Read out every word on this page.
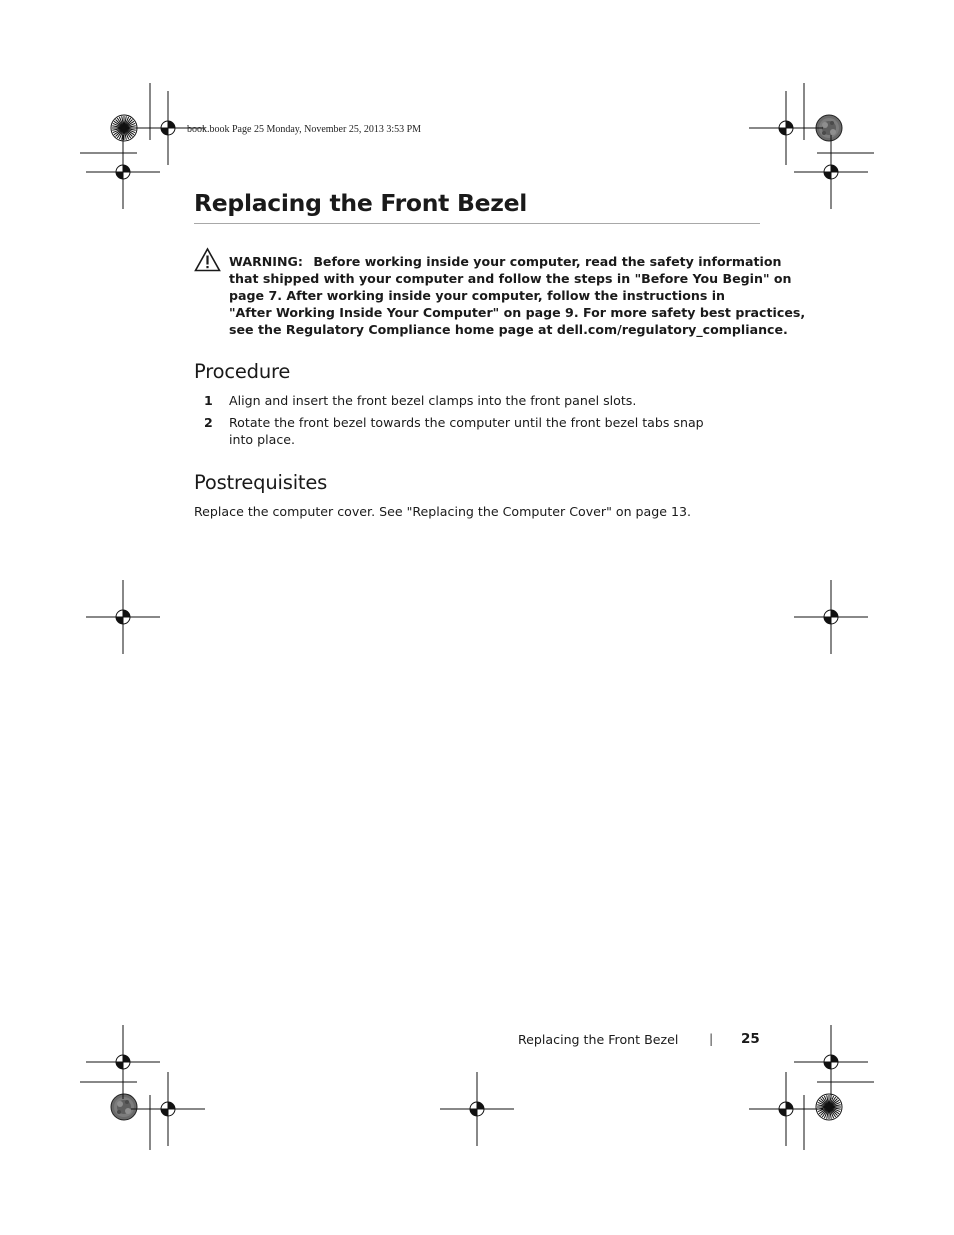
book.book Page 25 Monday, November 25, 2013 3:53 PM
Replacing the Front Bezel
WARNING: Before working inside your computer, read the safety information
that shipped with your computer and follow the steps in "Before You Begin" on
page 7. After working inside your computer, follow the instructions in
"After Working Inside Your Computer" on page 9. For more safety best practices,
see the Regulatory Compliance home page at dell.com/regulatory_compliance.
Procedure
1 Align and insert the front bezel clamps into the front panel slots.
2 Rotate the front bezel towards the computer until the front bezel tabs snap
into place.
Postrequisites
Replace the computer cover. See "Replacing the Computer Cover" on page 13.
Replacing the Front Bezel | 25
